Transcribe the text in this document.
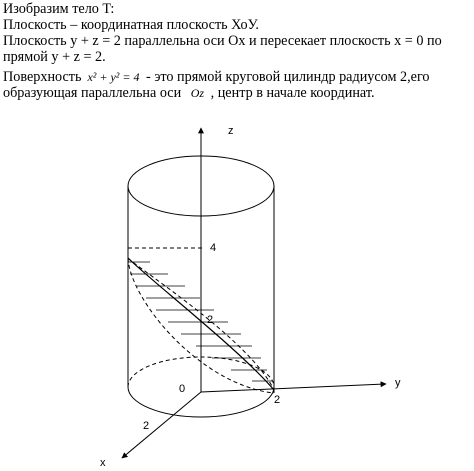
Изобразим тело T:

Плоскость – координатная плоскость ХоУ.

Плоскость y + z = 2 параллельна оси Ох и пересекает плоскость х = 0 по

прямой y + z = 2.

Поверхность x² + y² = 4 - это прямой круговой цилиндр радиусом 2,его

образующая параллельна оси Oz , центр в начале координат.

z
y
x
0
4
2
2
2
